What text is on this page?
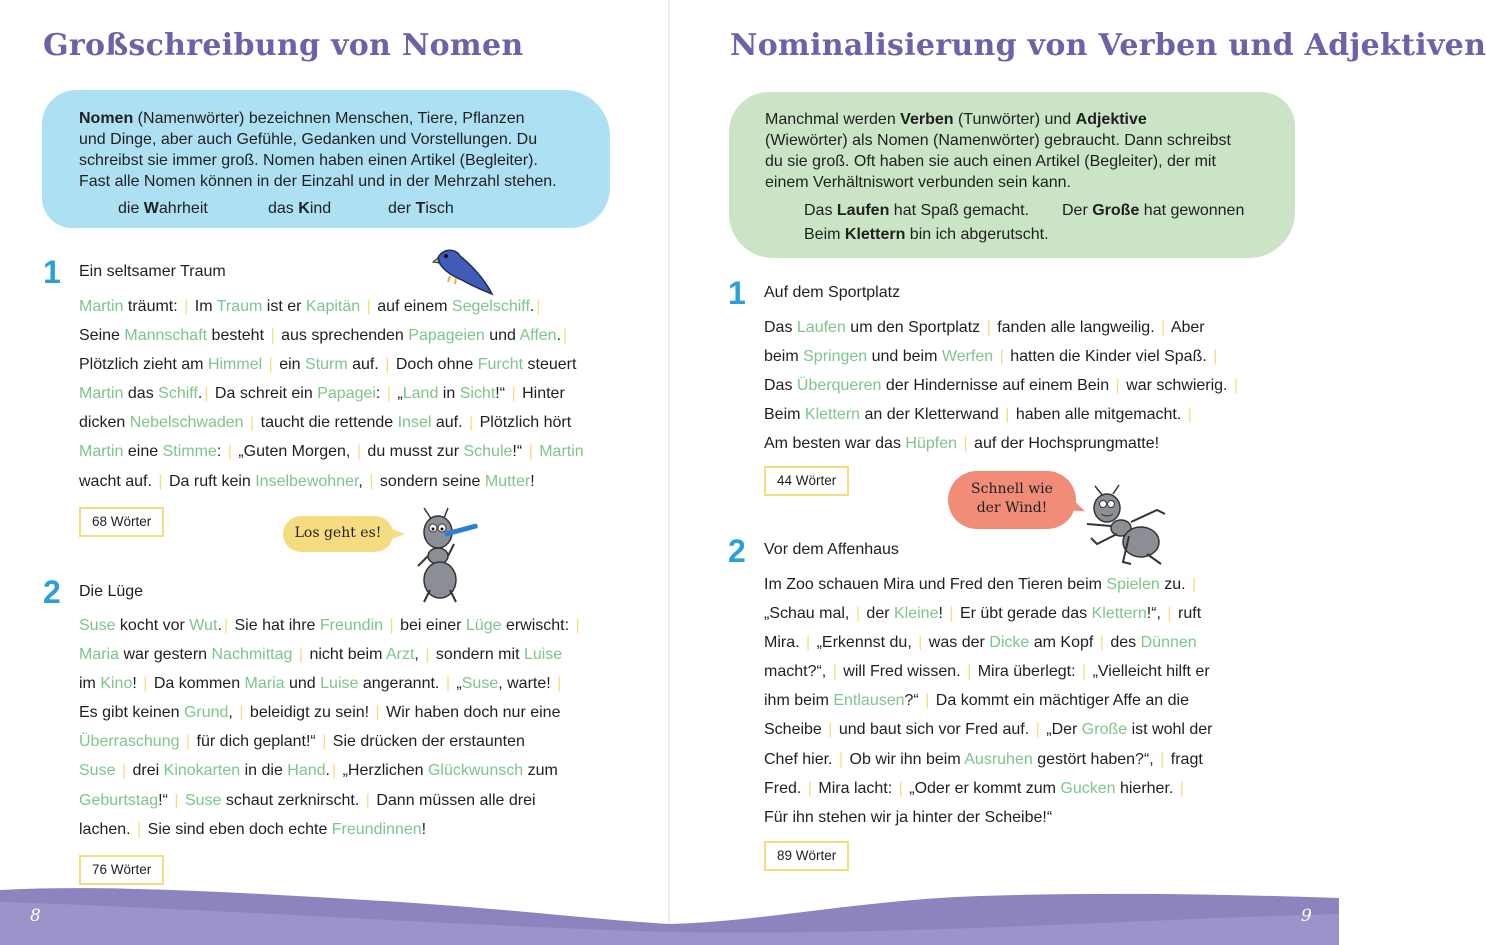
Großschreibung von Nomen

Nomen (Namenwörter) bezeichnen Menschen, Tiere, Pflanzen

und Dinge, aber auch Gefühle, Gedanken und Vorstellungen. Du

schreibst sie immer groß. Nomen haben einen Artikel (Begleiter).

Fast alle Nomen können in der Einzahl und in der Mehrzahl stehen.

die Wahrheit	das Kind	der Tisch
1 Ein seltsamer Traum
Martin träumt: | Im Traum ist er Kapitän | auf einem Segelschiff. |
Seine Mannschaft besteht | aus sprechenden Papageien und Affen. |
Plötzlich zieht am Himmel | ein Sturm auf. | Doch ohne Furcht steuert
Martin das Schiff. | Da schreit ein Papagei: | „Land in Sicht!“ | Hinter
dicken Nebelschwaden | taucht die rettende Insel auf. | Plötzlich hört
Martin eine Stimme: | „Guten Morgen, | du musst zur Schule!“ | Martin
wacht auf. | Da ruft kein Inselbewohner, | sondern seine Mutter!
68 Wörter
Los geht es!
2 Die Lüge
Suse kocht vor Wut. | Sie hat ihre Freundin | bei einer Lüge erwischt: |
Maria war gestern Nachmittag | nicht beim Arzt, | sondern mit Luise
im Kino! | Da kommen Maria und Luise angerannt. | „Suse, warte! |
Es gibt keinen Grund, | beleidigt zu sein! | Wir haben doch nur eine
Überraschung | für dich geplant!“ | Sie drücken der erstaunten
Suse | drei Kinokarten in die Hand. | „Herzlichen Glückwunsch zum
Geburtstag!“ | Suse schaut zerknirscht. | Dann müssen alle drei
lachen. | Sie sind eben doch echte Freundinnen!
76 Wörter
Nominalisierung von Verben und Adjektiven

Manchmal werden Verben (Tunwörter) und Adjektive

(Wiewörter) als Nomen (Namenwörter) gebraucht. Dann schreibst

du sie groß. Oft haben sie auch einen Artikel (Begleiter), der mit

einem Verhältniswort verbunden sein kann.

Das Laufen hat Spaß gemacht. Der Große hat gewonnen
Beim Klettern bin ich abgerutscht.
1 Auf dem Sportplatz
Das Laufen um den Sportplatz | fanden alle langweilig. | Aber
beim Springen und beim Werfen | hatten die Kinder viel Spaß. |
Das Überqueren der Hindernisse auf einem Bein | war schwierig. |
Beim Klettern an der Kletterwand | haben alle mitgemacht. |
Am besten war das Hüpfen | auf der Hochsprungmatte!
44 Wörter
Schnell wie
der Wind!
2 Vor dem Affenhaus
Im Zoo schauen Mira und Fred den Tieren beim Spielen zu. |
„Schau mal, | der Kleine! | Er übt gerade das Klettern!“, | ruft
Mira. | „Erkennst du, | was der Dicke am Kopf | des Dünnen
macht?“, | will Fred wissen. | Mira überlegt: | „Vielleicht hilft er
ihm beim Entlausen?“ | Da kommt ein mächtiger Affe an die
Scheibe | und baut sich vor Fred auf. | „Der Große ist wohl der
Chef hier. | Ob wir ihn beim Ausruhen gestört haben?“, | fragt
Fred. | Mira lacht: | „Oder er kommt zum Gucken hierher. |
Für ihn stehen wir ja hinter der Scheibe!“
89 Wörter
8	9
